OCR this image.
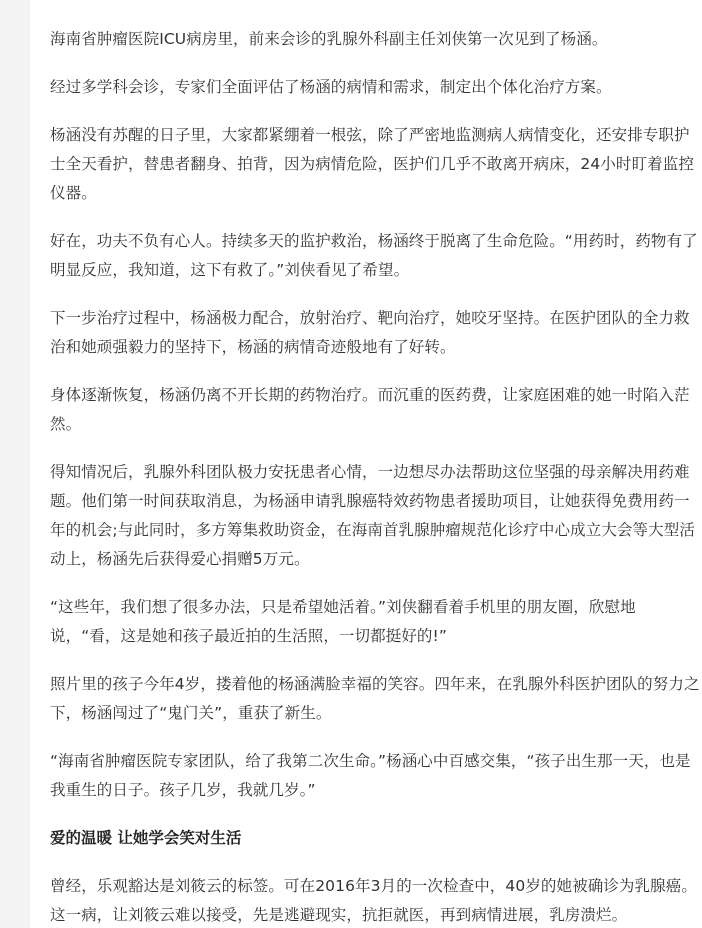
海南省肿瘤医院ICU病房里，前来会诊的乳腺外科副主任刘侠第一次见到了杨涵。

经过多学科会诊，专家们全面评估了杨涵的病情和需求，制定出个体化治疗方案。

杨涵没有苏醒的日子里，大家都紧绷着一根弦，除了严密地监测病人病情变化，还安排专职护士全天看护，替患者翻身、拍背，因为病情危险，医护们几乎不敢离开病床，24小时盯着监控仪器。

好在，功夫不负有心人。持续多天的监护救治，杨涵终于脱离了生命危险。“用药时，药物有了明显反应，我知道，这下有救了。”刘侠看见了希望。

下一步治疗过程中，杨涵极力配合，放射治疗、靶向治疗，她咬牙坚持。在医护团队的全力救治和她顽强毅力的坚持下，杨涵的病情奇迹般地有了好转。

身体逐渐恢复，杨涵仍离不开长期的药物治疗。而沉重的医药费，让家庭困难的她一时陷入茫然。

得知情况后，乳腺外科团队极力安抚患者心情，一边想尽办法帮助这位坚强的母亲解决用药难题。他们第一时间获取消息，为杨涵申请乳腺癌特效药物患者援助项目，让她获得免费用药一年的机会;与此同时，多方筹集救助资金，在海南首乳腺肿瘤规范化诊疗中心成立大会等大型活动上，杨涵先后获得爱心捐赠5万元。

“这些年，我们想了很多办法，只是希望她活着。”刘侠翻看着手机里的朋友圈，欣慰地说，“看，这是她和孩子最近拍的生活照，一切都挺好的!”

照片里的孩子今年4岁，搂着他的杨涵满脸幸福的笑容。四年来，在乳腺外科医护团队的努力之下，杨涵闯过了“鬼门关”，重获了新生。

“海南省肿瘤医院专家团队，给了我第二次生命。”杨涵心中百感交集，“孩子出生那一天，也是我重生的日子。孩子几岁，我就几岁。”

爱的温暖 让她学会笑对生活

曾经，乐观豁达是刘筱云的标签。可在2016年3月的一次检查中，40岁的她被确诊为乳腺癌。这一病，让刘筱云难以接受，先是逃避现实，抗拒就医，再到病情进展，乳房溃烂。
